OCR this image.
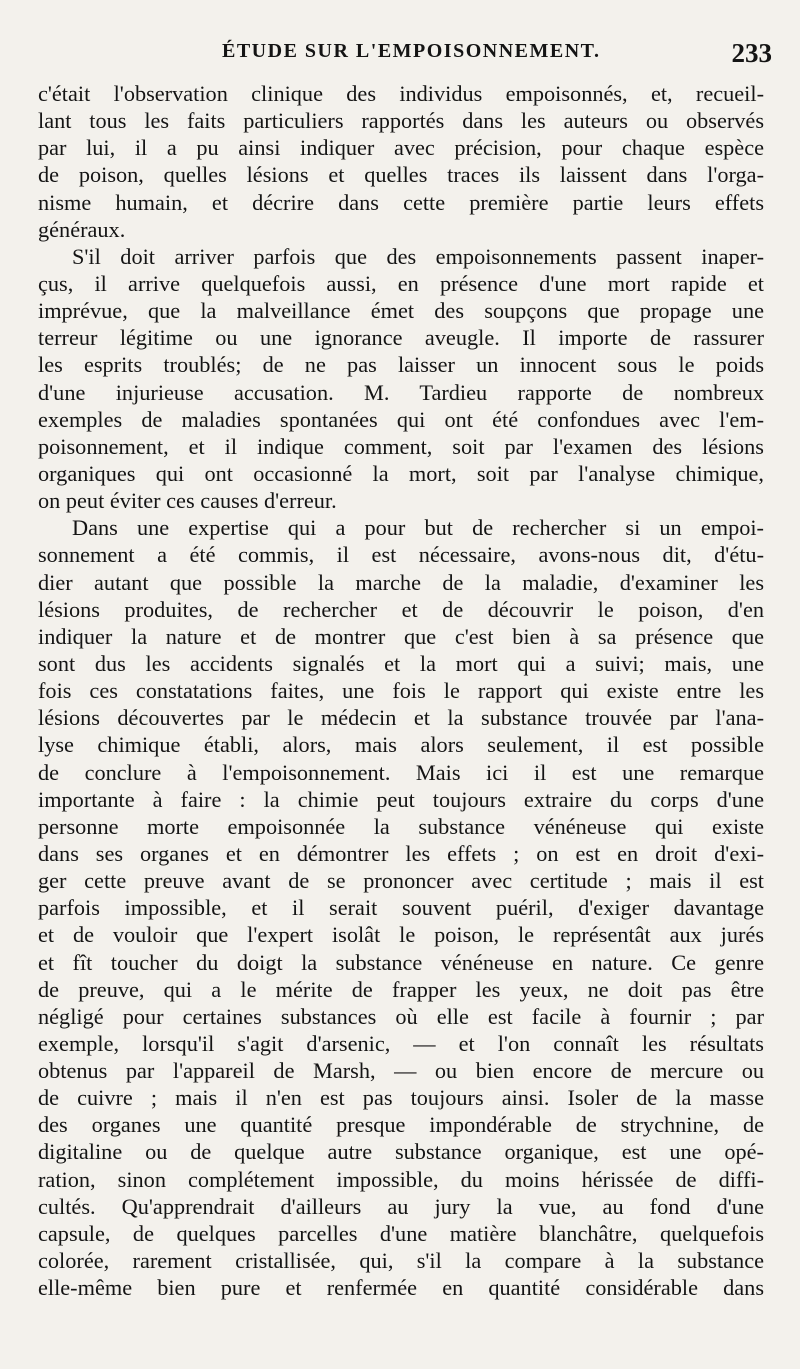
ÉTUDE SUR L'EMPOISONNEMENT.	233
c'était l'observation clinique des individus empoisonnés, et, recueil-
lant tous les faits particuliers rapportés dans les auteurs ou observés
par lui, il a pu ainsi indiquer avec précision, pour chaque espèce
de poison, quelles lésions et quelles traces ils laissent dans l'orga-
nisme humain, et décrire dans cette première partie leurs effets
généraux.
S'il doit arriver parfois que des empoisonnements passent inaper-
çus, il arrive quelquefois aussi, en présence d'une mort rapide et
imprévue, que la malveillance émet des soupçons que propage une
terreur légitime ou une ignorance aveugle. Il importe de rassurer
les esprits troublés; de ne pas laisser un innocent sous le poids
d'une injurieuse accusation. M. Tardieu rapporte de nombreux
exemples de maladies spontanées qui ont été confondues avec l'em-
poisonnement, et il indique comment, soit par l'examen des lésions
organiques qui ont occasionné la mort, soit par l'analyse chimique,
on peut éviter ces causes d'erreur.
Dans une expertise qui a pour but de rechercher si un empoi-
sonnement a été commis, il est nécessaire, avons-nous dit, d'étu-
dier autant que possible la marche de la maladie, d'examiner les
lésions produites, de rechercher et de découvrir le poison, d'en
indiquer la nature et de montrer que c'est bien à sa présence que
sont dus les accidents signalés et la mort qui a suivi; mais, une
fois ces constatations faites, une fois le rapport qui existe entre les
lésions découvertes par le médecin et la substance trouvée par l'ana-
lyse chimique établi, alors, mais alors seulement, il est possible
de conclure à l'empoisonnement. Mais ici il est une remarque
importante à faire : la chimie peut toujours extraire du corps d'une
personne morte empoisonnée la substance vénéneuse qui existe
dans ses organes et en démontrer les effets ; on est en droit d'exi-
ger cette preuve avant de se prononcer avec certitude ; mais il est
parfois impossible, et il serait souvent puéril, d'exiger davantage
et de vouloir que l'expert isolât le poison, le représentât aux jurés
et fît toucher du doigt la substance vénéneuse en nature. Ce genre
de preuve, qui a le mérite de frapper les yeux, ne doit pas être
négligé pour certaines substances où elle est facile à fournir ; par
exemple, lorsqu'il s'agit d'arsenic, — et l'on connaît les résultats
obtenus par l'appareil de Marsh, — ou bien encore de mercure ou
de cuivre ; mais il n'en est pas toujours ainsi. Isoler de la masse
des organes une quantité presque impondérable de strychnine, de
digitaline ou de quelque autre substance organique, est une opé-
ration, sinon complétement impossible, du moins hérissée de diffi-
cultés. Qu'apprendrait d'ailleurs au jury la vue, au fond d'une
capsule, de quelques parcelles d'une matière blanchâtre, quelquefois
colorée, rarement cristallisée, qui, s'il la compare à la substance
elle-même bien pure et renfermée en quantité considérable dans
